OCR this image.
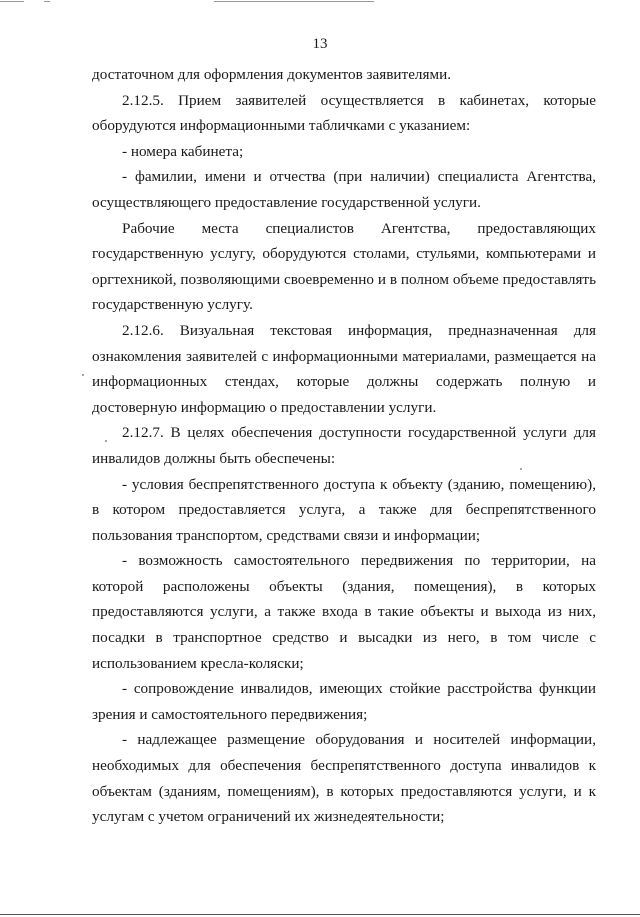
13

достаточном для оформления документов заявителями.

2.12.5. Прием заявителей осуществляется в кабинетах, которые оборудуются информационными табличками с указанием:

- номера кабинета;

- фамилии, имени и отчества (при наличии) специалиста Агентства, осуществляющего предоставление государственной услуги.

Рабочие места специалистов Агентства, предоставляющих государственную услугу, оборудуются столами, стульями, компьютерами и оргтехникой, позволяющими своевременно и в полном объеме предоставлять государственную услугу.

2.12.6. Визуальная текстовая информация, предназначенная для ознакомления заявителей с информационными материалами, размещается на информационных стендах, которые должны содержать полную и достоверную информацию о предоставлении услуги.

2.12.7. В целях обеспечения доступности государственной услуги для инвалидов должны быть обеспечены:

- условия беспрепятственного доступа к объекту (зданию, помещению), в котором предоставляется услуга, а также для беспрепятственного пользования транспортом, средствами связи и информации;

- возможность самостоятельного передвижения по территории, на которой расположены объекты (здания, помещения), в которых предоставляются услуги, а также входа в такие объекты и выхода из них, посадки в транспортное средство и высадки из него, в том числе с использованием кресла-коляски;

- сопровождение инвалидов, имеющих стойкие расстройства функции зрения и самостоятельного передвижения;

- надлежащее размещение оборудования и носителей информации, необходимых для обеспечения беспрепятственного доступа инвалидов к объектам (зданиям, помещениям), в которых предоставляются услуги, и к услугам с учетом ограничений их жизнедеятельности;
